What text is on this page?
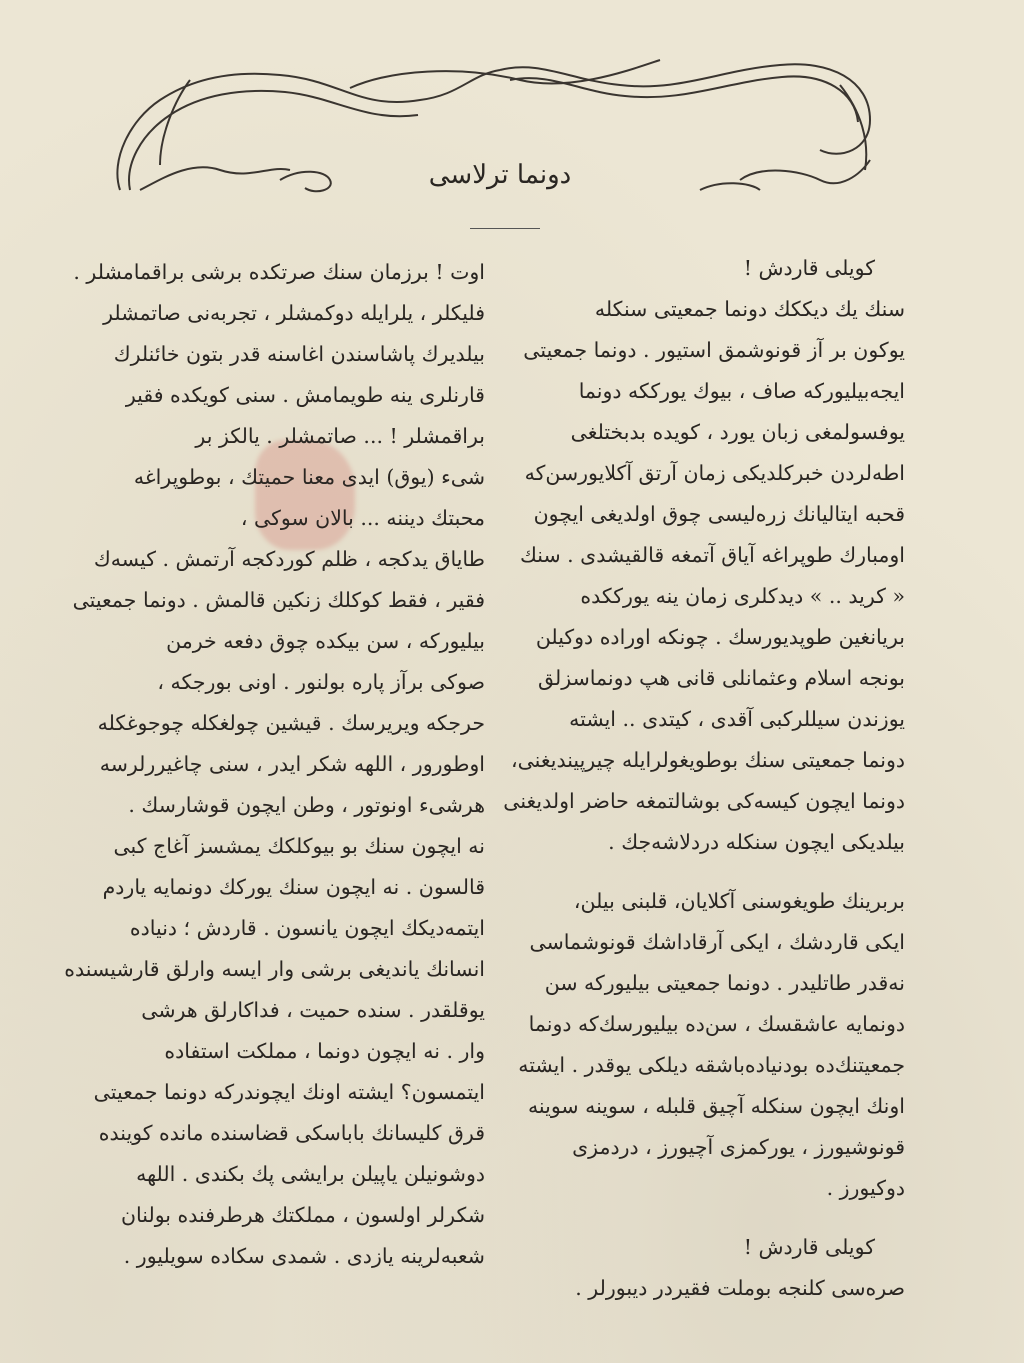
دونما ترلاسی

کویلی قاردش !

سنك یك دیككك دونما جمعیتی سنكله

یوكون بر آز قونوشمق استیور . دونما جمعیتی

ایجه‌بیلیورکه صاف ، بیوك یورككه دونما

یوفسولمغی زبان یورد ، کویده بدبختلغی

اطه‌لردن خبرکلدیکی زمان آرتق آکلایورسن‌که

قحبه ایتالیانك زره‌لیسی چوق اولدیغی ایچون

اومبارك طوپراغه آیاق آتمغه قالقیشدی . سنك

« کرید .. » دیدکلری زمان ینه یورککده

بریانغین طوپدیورسك . چونکه اوراده دوکیلن

بونجه اسلام وعثمانلی قانی هپ دونماسزلق

یوزندن سیللرکبی آقدی ، کیتدی .. ایشته

دونما جمعیتی سنك بوطویغولرایله چیرپیندیغنی،

دونما ایچون کیسه‌کی بوشالتمغه حاضر اولدیغنی

بیلدیکی ایچون سنکله دردلاشه‌جك .

بربرینك طویغوسنی آکلایان، قلبنی بیلن،

ایکی قاردشك ، ایکی آرقاداشك قونوشماسی

نه‌قدر طاتلیدر . دونما جمعیتی بیلیورکه سن

دونمایه عاشقسك ، سن‌ده بیلیورسك‌که دونما

جمعیتنك‌ده بودنیاده‌باشقه دیلکی یوقدر . ایشته

اونك ایچون سنکله آچیق قلبله ، سوینه سوینه

قونوشیورز ، یورکمزی آچیورز ، دردمزی

دوکیورز .

کویلی قاردش !

صره‌سی کلنجه بوملت فقیردر دیبورلر .

اوت ! برزمان سنك صرتکده برشی براقمامشلر .

فلیکلر ، یلرایله دوکمشلر ، تجربه‌نی صاتمشلر

بیلدیرك پاشاسندن اغاسنه قدر بتون خائنلرك

قارنلری ینه طویمامش . سنی کویکده فقیر

براقمشلر ! ... صاتمشلر . یالکز بر

شیء (یوق) ایدی معنا حمیتك ، بوطوپراغه

محبتك دیننه ... بالان سوکی ،

طایاق یدکجه ، ظلم کوردکجه آرتمش . کیسه‌ك

فقیر ، فقط کوکلك زنکین قالمش . دونما جمعیتی

بیلیورکه ، سن بیکده چوق دفعه خرمن

صوکی برآز پاره بولنور . اونی بورجکه ،

حرجکه ویریرسك . قیشین چولغکله چوجوغکله

اوطورور ، اللهه شکر ایدر ، سنی چاغیررلرسه

هرشیء اونوتور ، وطن ایچون قوشارسك .

نه ایچون سنك بو بیوکلکك یمشسز آغاج کبی

قالسون . نه ایچون سنك یورکك دونمایه یاردم

ایتمه‌دیکك ایچون یانسون . قاردش ؛ دنیاده

انسانك یاندیغی برشی وار ایسه وارلق قارشیسنده

یوقلقدر . سنده حمیت ، فداکارلق هرشی

وار . نه ایچون دونما ، مملکت استفاده

ایتمسون؟ ایشته اونك ایچوندرکه دونما جمعیتی

قرق کلیسانك باباسکی قضاسنده مانده کوینده

دوشونیلن یاپیلن برایشی پك بکندی . اللهه

شکرلر اولسون ، مملکتك هرطرفنده بولنان

شعبه‌لرینه یازدی . شمدی سکاده سویلیور .
